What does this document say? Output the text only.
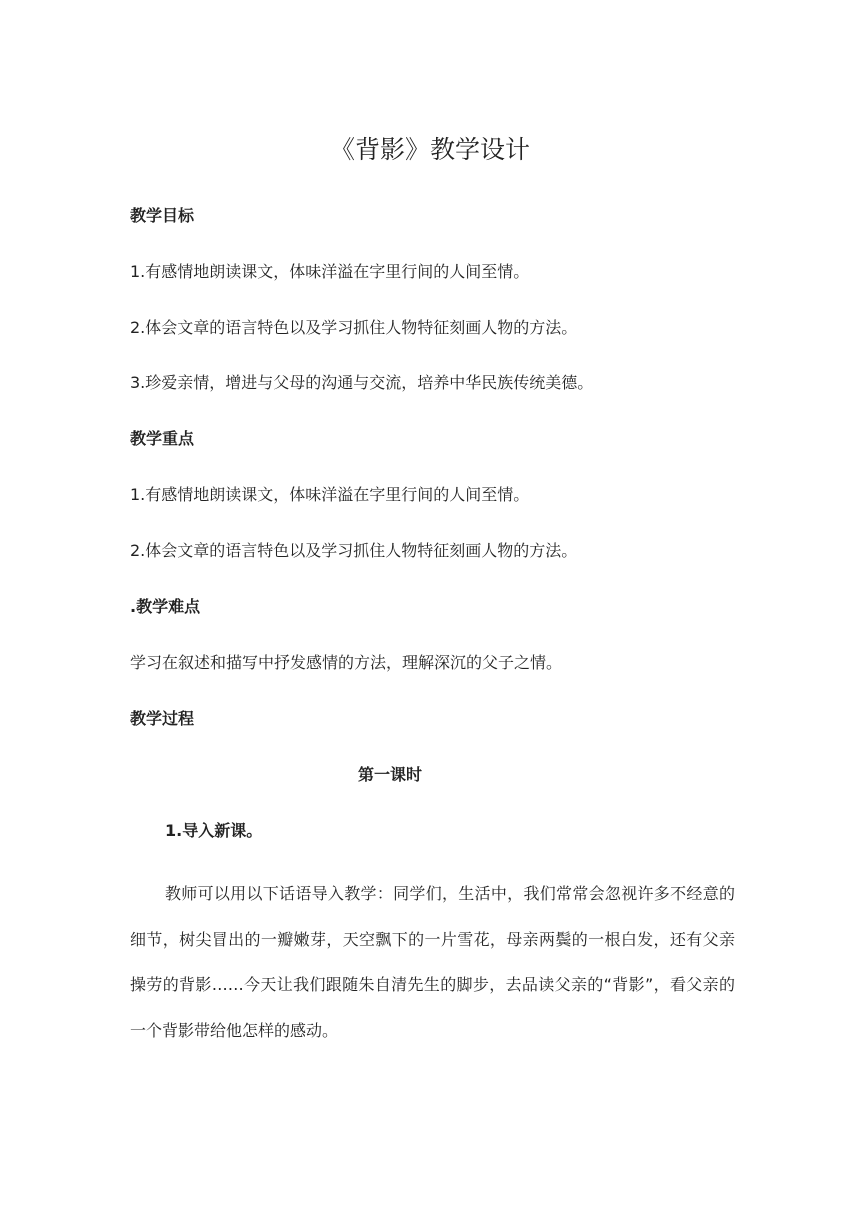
《背影》教学设计

教学目标

1.有感情地朗读课文，体味洋溢在字里行间的人间至情。

2.体会文章的语言特色以及学习抓住人物特征刻画人物的方法。

3.珍爱亲情，增进与父母的沟通与交流，培养中华民族传统美德。

教学重点

1.有感情地朗读课文，体味洋溢在字里行间的人间至情。

2.体会文章的语言特色以及学习抓住人物特征刻画人物的方法。

.教学难点

学习在叙述和描写中抒发感情的方法，理解深沉的父子之情。

教学过程

第一课时

1.导入新课。

教师可以用以下话语导入教学：同学们，生活中，我们常常会忽视许多不经意的细节，树尖冒出的一瓣嫩芽，天空飘下的一片雪花，母亲两鬓的一根白发，还有父亲操劳的背影……今天让我们跟随朱自清先生的脚步，去品读父亲的“背影”，看父亲的一个背影带给他怎样的感动。
